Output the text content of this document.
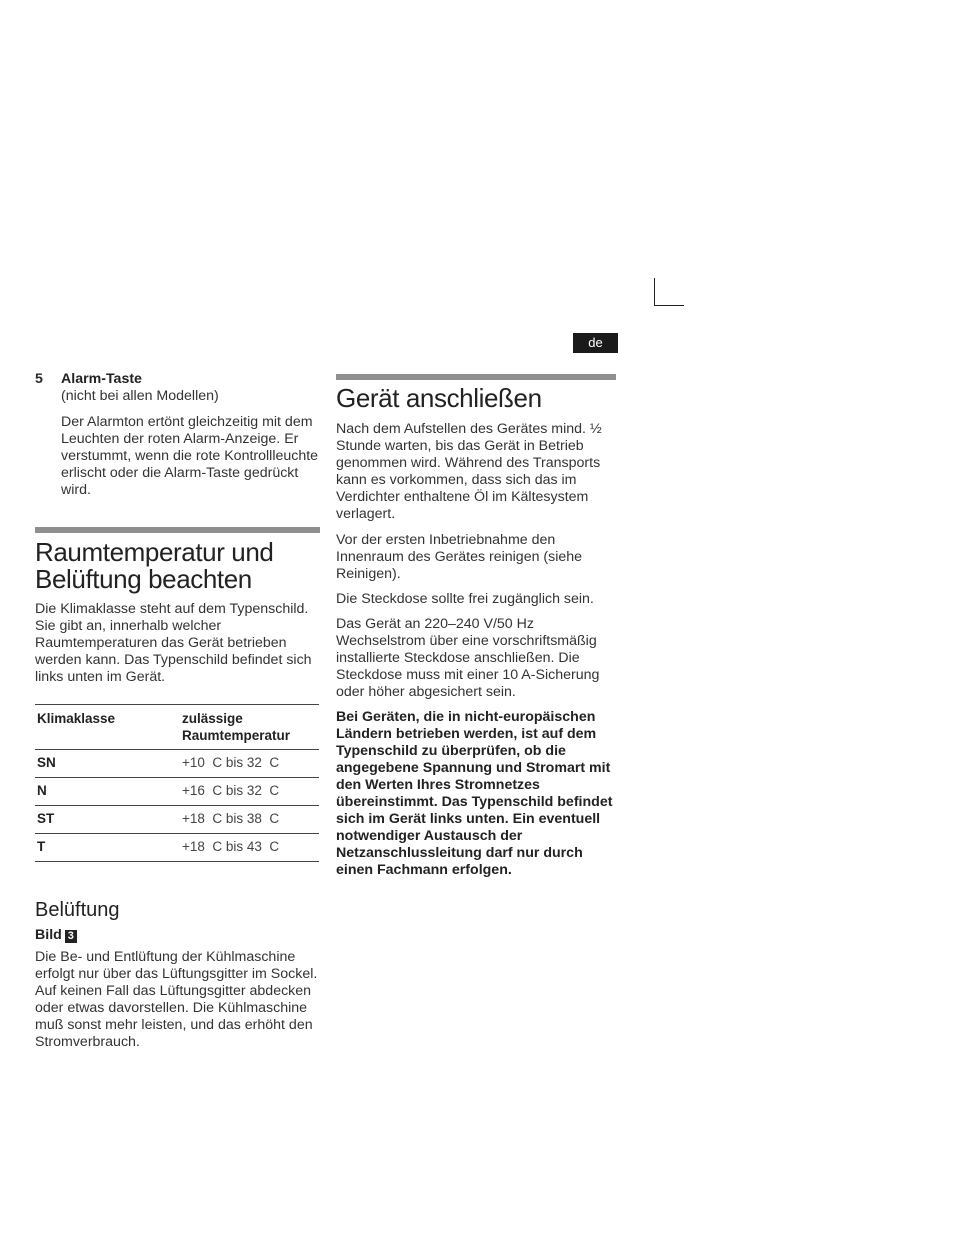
de
5 Alarm-Taste
(nicht bei allen Modellen)

Der Alarmton ertönt gleichzeitig mit dem Leuchten der roten Alarm-Anzeige. Er verstummt, wenn die rote Kontrollleuchte erlischt oder die Alarm-Taste gedrückt wird.

Raumtemperatur und
Belüftung beachten

Die Klimaklasse steht auf dem Typenschild. Sie gibt an, innerhalb welcher Raumtemperaturen das Gerät betrieben werden kann. Das Typenschild befindet sich links unten im Gerät.

Klimaklasse	zulässige
Raumtemperatur
SN	+10  C bis 32  C
N	+16  C bis 32  C
ST	+18  C bis 38  C
T	+18  C bis 43  C
Belüftung
Bild 3

Die Be- und Entlüftung der Kühlmaschine erfolgt nur über das Lüftungsgitter im Sockel. Auf keinen Fall das Lüftungsgitter abdecken oder etwas davorstellen. Die Kühlmaschine muß sonst mehr leisten, und das erhöht den Stromverbrauch.

Gerät anschließen

Nach dem Aufstellen des Gerätes mind. ½ Stunde warten, bis das Gerät in Betrieb genommen wird. Während des Transports kann es vorkommen, dass sich das im Verdichter enthaltene Öl im Kältesystem verlagert.

Vor der ersten Inbetriebnahme den Innenraum des Gerätes reinigen (siehe Reinigen).

Die Steckdose sollte frei zugänglich sein.

Das Gerät an 220–240 V/50 Hz Wechselstrom über eine vorschriftsmäßig installierte Steckdose anschließen. Die Steckdose muss mit einer 10 A-Sicherung oder höher abgesichert sein.

Bei Geräten, die in nicht-europäischen Ländern betrieben werden, ist auf dem Typenschild zu überprüfen, ob die angegebene Spannung und Stromart mit den Werten Ihres Stromnetzes übereinstimmt. Das Typenschild befindet sich im Gerät links unten. Ein eventuell notwendiger Austausch der Netzanschlussleitung darf nur durch einen Fachmann erfolgen.
